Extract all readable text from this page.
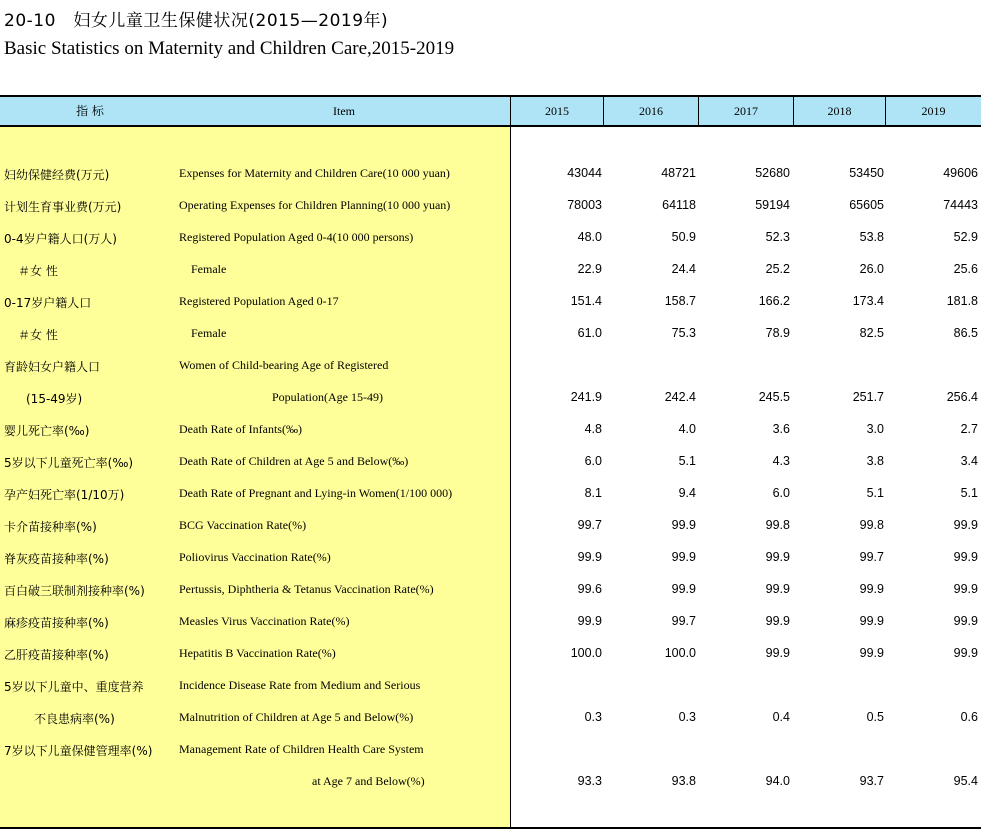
20-10　妇女儿童卫生保健状况(2015—2019年)
Basic Statistics on Maternity and Children Care,2015-2019
指 标	Item	2015	2016	2017	2018	2019
妇幼保健经费(万元)	Expenses for Maternity and Children Care(10 000 yuan)	43044	48721	52680	53450	49606
计划生育事业费(万元)	Operating Expenses for Children Planning(10 000 yuan)	78003	64118	59194	65605	74443
0-4岁户籍人口(万人)	Registered Population Aged 0-4(10 000 persons)	48.0	50.9	52.3	53.8	52.9
＃女 性	Female	22.9	24.4	25.2	26.0	25.6
0-17岁户籍人口	Registered Population Aged 0-17	151.4	158.7	166.2	173.4	181.8
＃女 性	Female	61.0	75.3	78.9	82.5	86.5
育龄妇女户籍人口	Women of Child-bearing Age of Registered
(15-49岁)	Population(Age 15-49)	241.9	242.4	245.5	251.7	256.4
婴儿死亡率(‰)	Death Rate of Infants(‰)	4.8	4.0	3.6	3.0	2.7
5岁以下儿童死亡率(‰)	Death Rate of Children at Age 5 and Below(‰)	6.0	5.1	4.3	3.8	3.4
孕产妇死亡率(1/10万)	Death Rate of Pregnant and Lying-in Women(1/100 000)	8.1	9.4	6.0	5.1	5.1
卡介苗接种率(%)	BCG Vaccination Rate(%)	99.7	99.9	99.8	99.8	99.9
脊灰疫苗接种率(%)	Poliovirus Vaccination Rate(%)	99.9	99.9	99.9	99.7	99.9
百白破三联制剂接种率(%)	Pertussis, Diphtheria & Tetanus Vaccination Rate(%)	99.6	99.9	99.9	99.9	99.9
麻疹疫苗接种率(%)	Measles Virus Vaccination Rate(%)	99.9	99.7	99.9	99.9	99.9
乙肝疫苗接种率(%)	Hepatitis B Vaccination Rate(%)	100.0	100.0	99.9	99.9	99.9
5岁以下儿童中、重度营养	Incidence Disease Rate from Medium and Serious
不良患病率(%)	Malnutrition of Children at Age 5 and Below(%)	0.3	0.3	0.4	0.5	0.6
7岁以下儿童保健管理率(%) Management Rate of Children Health Care System
at Age 7 and Below(%)	93.3	93.8	94.0	93.7	95.4
